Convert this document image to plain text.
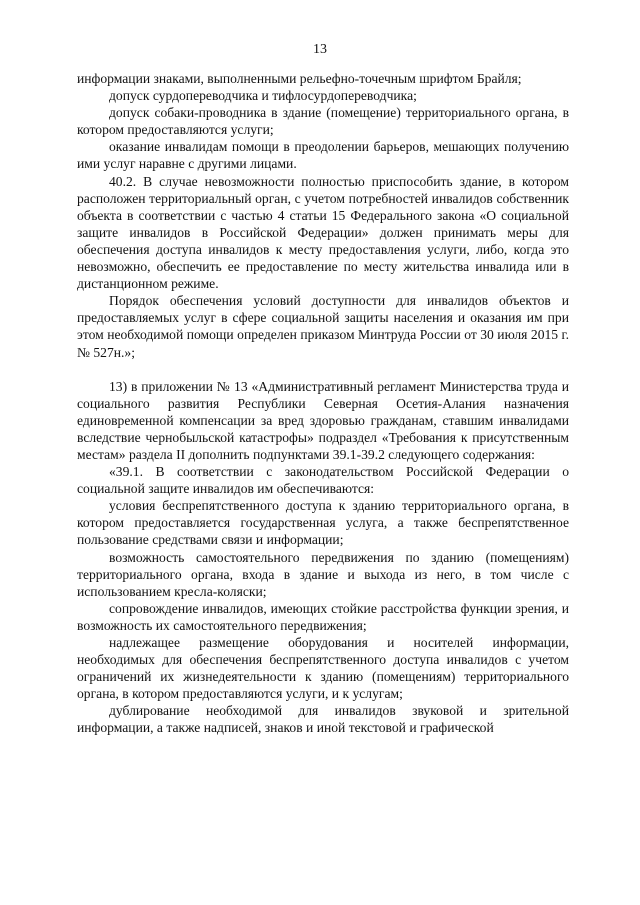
13

информации знаками, выполненными рельефно-точечным шрифтом Брайля;

допуск сурдопереводчика и тифлосурдопереводчика;

допуск собаки-проводника в здание (помещение) территориального органа, в котором предоставляются услуги;

оказание инвалидам помощи в преодолении барьеров, мешающих получению ими услуг наравне с другими лицами.

40.2. В случае невозможности полностью приспособить здание, в котором расположен территориальный орган, с учетом потребностей инвалидов собственник объекта в соответствии с частью 4 статьи 15 Федерального закона «О социальной защите инвалидов в Российской Федерации» должен принимать меры для обеспечения доступа инвалидов к месту предоставления услуги, либо, когда это невозможно, обеспечить ее предоставление по месту жительства инвалида или в дистанционном режиме.

Порядок обеспечения условий доступности для инвалидов объектов и предоставляемых услуг в сфере социальной защиты населения и оказания им при этом необходимой помощи определен приказом Минтруда России от 30 июля 2015 г. № 527н.»;

13) в приложении № 13 «Административный регламент Министерства труда и социального развития Республики Северная Осетия-Алания назначения единовременной компенсации за вред здоровью гражданам, ставшим инвалидами вследствие чернобыльской катастрофы» подраздел «Требования к присутственным местам» раздела II дополнить подпунктами 39.1-39.2 следующего содержания:

«39.1. В соответствии с законодательством Российской Федерации о социальной защите инвалидов им обеспечиваются:

условия беспрепятственного доступа к зданию территориального органа, в котором предоставляется государственная услуга, а также беспрепятственное пользование средствами связи и информации;

возможность самостоятельного передвижения по зданию (помещениям) территориального органа, входа в здание и выхода из него, в том числе с использованием кресла-коляски;

сопровождение инвалидов, имеющих стойкие расстройства функции зрения, и возможность их самостоятельного передвижения;

надлежащее размещение оборудования и носителей информации, необходимых для обеспечения беспрепятственного доступа инвалидов с учетом ограничений их жизнедеятельности к зданию (помещениям) территориального органа, в котором предоставляются услуги, и к услугам;

дублирование необходимой для инвалидов звуковой и зрительной информации, а также надписей, знаков и иной текстовой и графической
